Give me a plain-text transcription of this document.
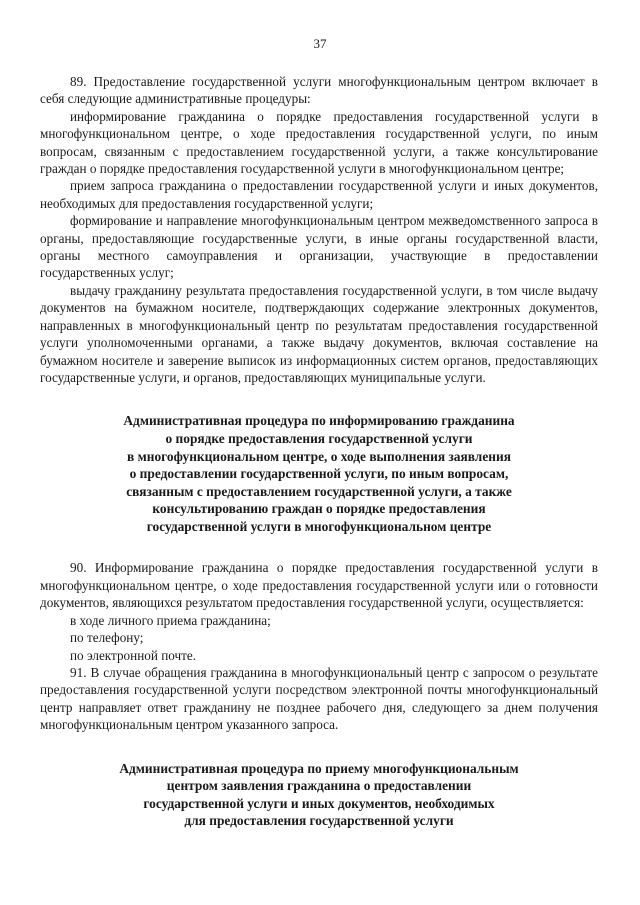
37

89. Предоставление государственной услуги многофункциональным центром включает в себя следующие административные процедуры:

информирование гражданина о порядке предоставления государственной услуги в многофункциональном центре, о ходе предоставления государственной услуги, по иным вопросам, связанным с предоставлением государственной услуги, а также консультирование граждан о порядке предоставления государственной услуги в многофункциональном центре;

прием запроса гражданина о предоставлении государственной услуги и иных документов, необходимых для предоставления государственной услуги;

формирование и направление многофункциональным центром межведомственного запроса в органы, предоставляющие государственные услуги, в иные органы государственной власти, органы местного самоуправления и организации, участвующие в предоставлении государственных услуг;

выдачу гражданину результата предоставления государственной услуги, в том числе выдачу документов на бумажном носителе, подтверждающих содержание электронных документов, направленных в многофункциональный центр по результатам предоставления государственной услуги уполномоченными органами, а также выдачу документов, включая составление на бумажном носителе и заверение выписок из информационных систем органов, предоставляющих государственные услуги, и органов, предоставляющих муниципальные услуги.

Административная процедура по информированию гражданина
о порядке предоставления государственной услуги
в многофункциональном центре, о ходе выполнения заявления
о предоставлении государственной услуги, по иным вопросам,
связанным с предоставлением государственной услуги, а также
консультированию граждан о порядке предоставления
государственной услуги в многофункциональном центре

90. Информирование гражданина о порядке предоставления государственной услуги в многофункциональном центре, о ходе предоставления государственной услуги или о готовности документов, являющихся результатом предоставления государственной услуги, осуществляется:

в ходе личного приема гражданина;

по телефону;

по электронной почте.

91. В случае обращения гражданина в многофункциональный центр с запросом о результате предоставления государственной услуги посредством электронной почты многофункциональный центр направляет ответ гражданину не позднее рабочего дня, следующего за днем получения многофункциональным центром указанного запроса.

Административная процедура по приему многофункциональным
центром заявления гражданина о предоставлении
государственной услуги и иных документов, необходимых
для предоставления государственной услуги
